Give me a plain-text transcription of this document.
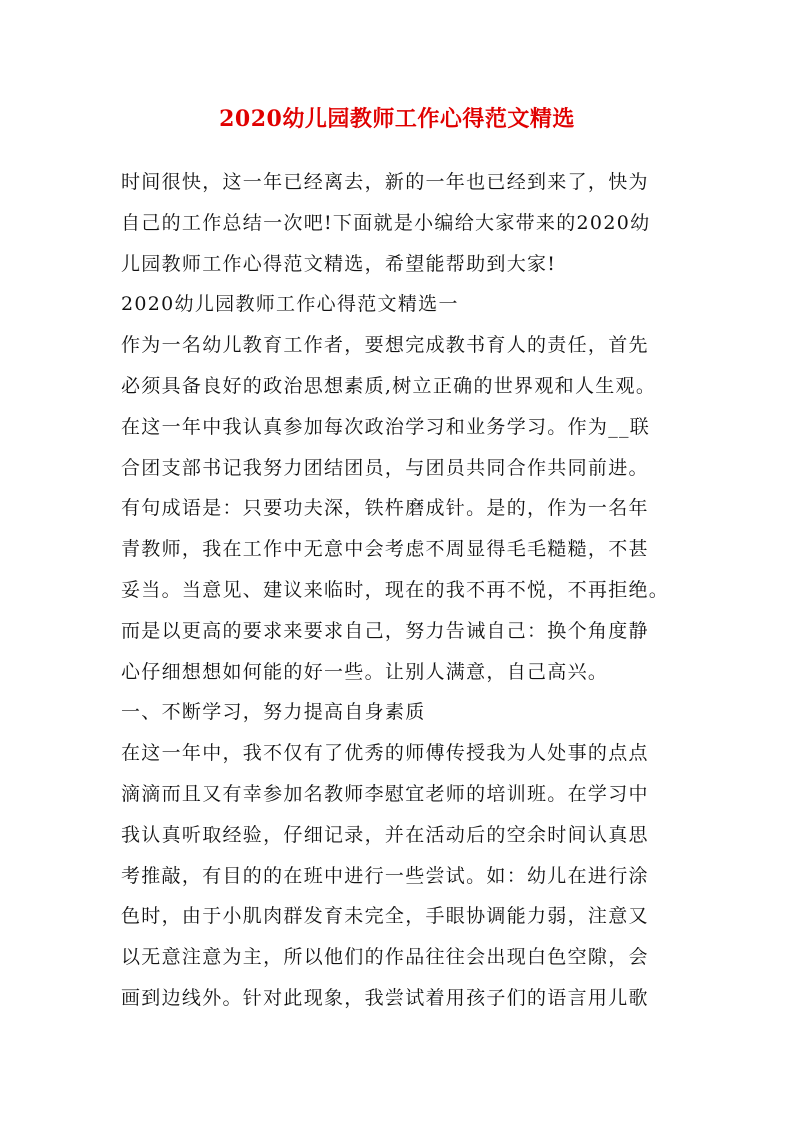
2020幼儿园教师工作心得范文精选
时间很快，这一年已经离去，新的一年也已经到来了，快为
自己的工作总结一次吧!下面就是小编给大家带来的2020幼
儿园教师工作心得范文精选，希望能帮助到大家!
2020幼儿园教师工作心得范文精选一
作为一名幼儿教育工作者，要想完成教书育人的责任，首先
必须具备良好的政治思想素质,树立正确的世界观和人生观。
在这一年中我认真参加每次政治学习和业务学习。作为__联
合团支部书记我努力团结团员，与团员共同合作共同前进。
有句成语是：只要功夫深，铁杵磨成针。是的，作为一名年
青教师，我在工作中无意中会考虑不周显得毛毛糙糙，不甚
妥当。当意见、建议来临时，现在的我不再不悦，不再拒绝。
而是以更高的要求来要求自己，努力告诫自己：换个角度静
心仔细想想如何能的好一些。让别人满意，自己高兴。
一、不断学习，努力提高自身素质
在这一年中，我不仅有了优秀的师傅传授我为人处事的点点
滴滴而且又有幸参加名教师李慰宜老师的培训班。在学习中
我认真听取经验，仔细记录，并在活动后的空余时间认真思
考推敲，有目的的在班中进行一些尝试。如：幼儿在进行涂
色时，由于小肌肉群发育未完全，手眼协调能力弱，注意又
以无意注意为主，所以他们的作品往往会出现白色空隙，会
画到边线外。针对此现象，我尝试着用孩子们的语言用儿歌
